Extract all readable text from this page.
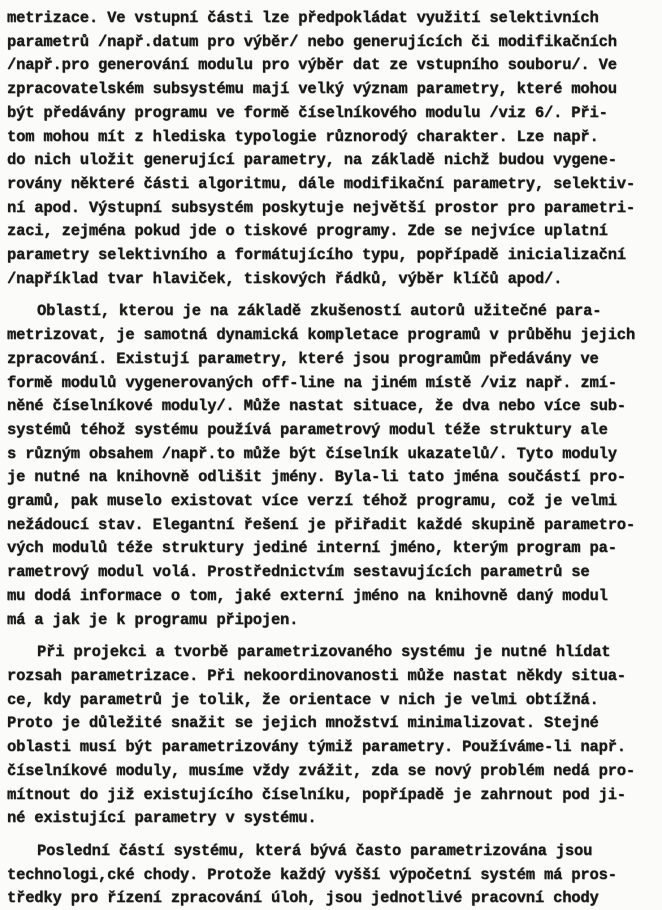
metrizace. Ve vstupní části lze předpokládat využití selektivních
parametrů /např.datum pro výběr/ nebo generujících či modifikačních
/např.pro generování modulu pro výběr dat ze vstupního souboru/. Ve
zpracovatelském subsystému mají velký význam parametry, které mohou
být předávány programu ve formě číselníkového modulu /viz 6/. Při-
tom mohou mít z hlediska typologie různorodý charakter. Lze např.
do nich uložit generující parametry, na základě nichž budou vygene-
rovány některé části algoritmu, dále modifikační parametry, selektiv-
ní apod. Výstupní subsystém poskytuje největší prostor pro parametri-
zaci, zejména pokud jde o tiskové programy. Zde se nejvíce uplatní
parametry selektivního a formátujícího typu, popřípadě inicializační
/například tvar hlaviček, tiskových řádků, výběr klíčů apod/.
Oblastí, kterou je na základě zkušeností autorů užitečné para-
metrizovat, je samotná dynamická kompletace programů v průběhu jejich
zpracování. Existují parametry, které jsou programům předávány ve
formě modulů vygenerovaných off-line na jiném místě /viz např. zmí-
něné číselníkové moduly/. Může nastat situace, že dva nebo více sub-
systémů téhož systému používá parametrový modul téže struktury ale
s různým obsahem /např.to může být číselník ukazatelů/. Tyto moduly
je nutné na knihovně odlišit jmény. Byla-li tato jména součástí pro-
gramů, pak muselo existovat více verzí téhož programu, což je velmi
nežádoucí stav. Elegantní řešení je přiřadit každé skupině parametro-
vých modulů téže struktury jediné interní jméno, kterým program pa-
rametrový modul volá. Prostřednictvím sestavujících parametrů se
mu dodá informace o tom, jaké externí jméno na knihovně daný modul
má a jak je k programu připojen.
Při projekci a tvorbě parametrizovaného systému je nutné hlídat
rozsah parametrizace. Při nekoordinovanosti může nastat někdy situa-
ce, kdy parametrů je tolik, že orientace v nich je velmi obtížná.
Proto je důležité snažit se jejich množství minimalizovat. Stejné
oblasti musí být parametrizovány týmiž parametry. Používáme-li např.
číselníkové moduly, musíme vždy zvážit, zda se nový problém nedá pro-
mítnout do již existujícího číselníku, popřípadě je zahrnout pod ji-
né existující parametry v systému.
Poslední částí systému, která bývá často parametrizována jsou
technologi,cké chody. Protože každý vyšší výpočetní systém má pros-
tředky pro řízení zpracování úloh, jsou jednotlivé pracovní chody
